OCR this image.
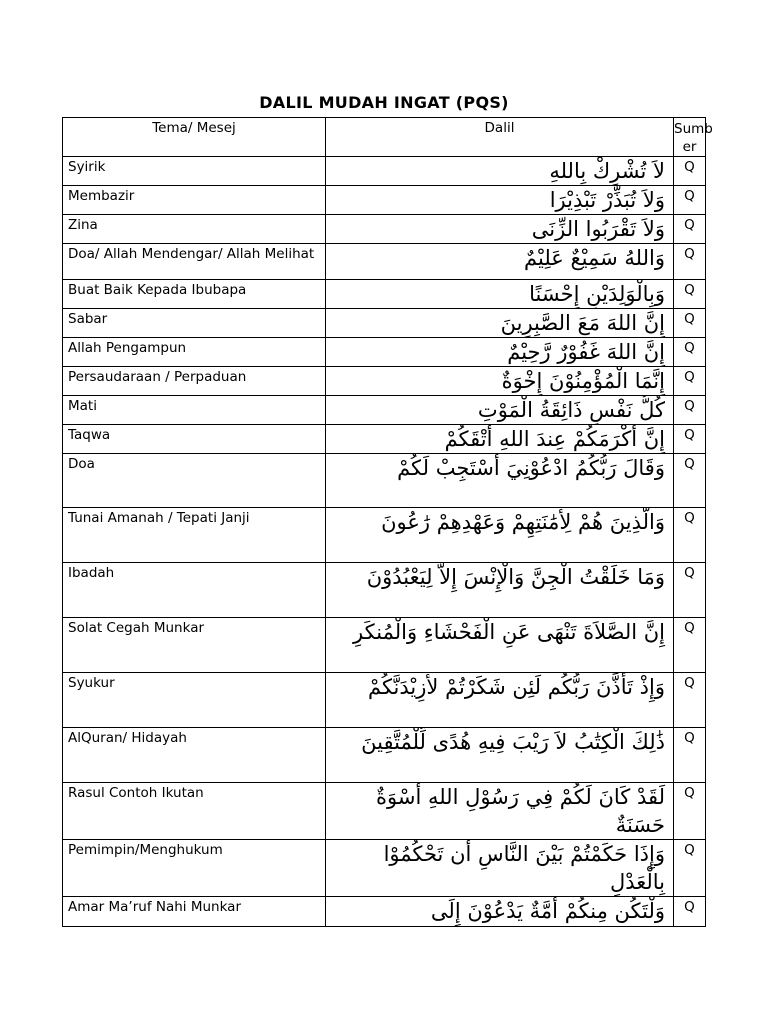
DALIL MUDAH INGAT (PQS)
Tema/ Mesej	Dalil	Sumb er
Syirik	لاَ تُشْرِكْ بِاللهِ	Q
Membazir	وَلاَ تُبَذِّرْ تَبْذِيْرَا	Q
Zina	وَلاَ تَقْرَبُوا الزِّنَى	Q
Doa/ Allah Mendengar/ Allah Melihat	وَاللهُ سَمِيْعٌ عَلِيْمٌ	Q
Buat Baik Kepada Ibubapa	وَبِالْوَلِدَيْنِ إِحْسَنًا	Q
Sabar	إِنَّ اللهَ مَعَ الصَّبِرِينَ	Q
Allah Pengampun	إِنَّ اللهَ غَفُوْرٌ رَّحِيْمٌ	Q
Persaudaraan / Perpaduan	إِنَّمَا الْمُؤْمِنُوْنَ إِخْوَةٌ	Q
Mati	كُلُّ نَفْسٍ ذَائِقَةُ الْمَوْتِ	Q
Taqwa	إِنَّ أَكْرَمَكُمْ عِندَ اللهِ أَتْقَكُمْ	Q
Doa	وَقَالَ رَبُّكُمُ ادْعُوْنِيَ أَسْتَجِبْ لَكُمْ	Q
Tunai Amanah / Tepati Janji	وَالَّذِينَ هُمْ لِأَمَٰنَتِهِمْ وَعَهْدِهِمْ رَٰعُونَ	Q
Ibadah	وَمَا خَلَقْتُ الْجِنَّ وَالْإِنْسَ إِلاَّ لِيَعْبُدُوْنَ	Q
Solat Cegah Munkar	إِنَّ الصَّلاَةَ تَنْهَى عَنِ الْفَحْشَاءِ وَالْمُنكَرِ	Q
Syukur	وَإِذْ تَأَذَّنَ رَبُّكُم لَئِن شَكَرْتُمْ لأَزِيْدَنَّكُمْ	Q
AlQuran/ Hidayah	ذَٰلِكَ الْكِتَٰبُ لاَ رَيْبَ فِيهِ هُدًى لِّلْمُتَّقِينَ	Q
Rasul Contoh Ikutan	لَقَدْ كَانَ لَكُمْ فِي رَسُوْلِ اللهِ أُسْوَةٌ حَسَنَةٌ	Q
Pemimpin/Menghukum	وَإِذَا حَكَمْتُمْ بَيْنَ النَّاسِ أَن تَحْكُمُوْا بِالْعَدْلِ	Q
Amar Ma’ruf Nahi Munkar	وَلْتَكُن مِنكُمْ أُمَّةٌ يَدْعُوْنَ إِلَى	Q
